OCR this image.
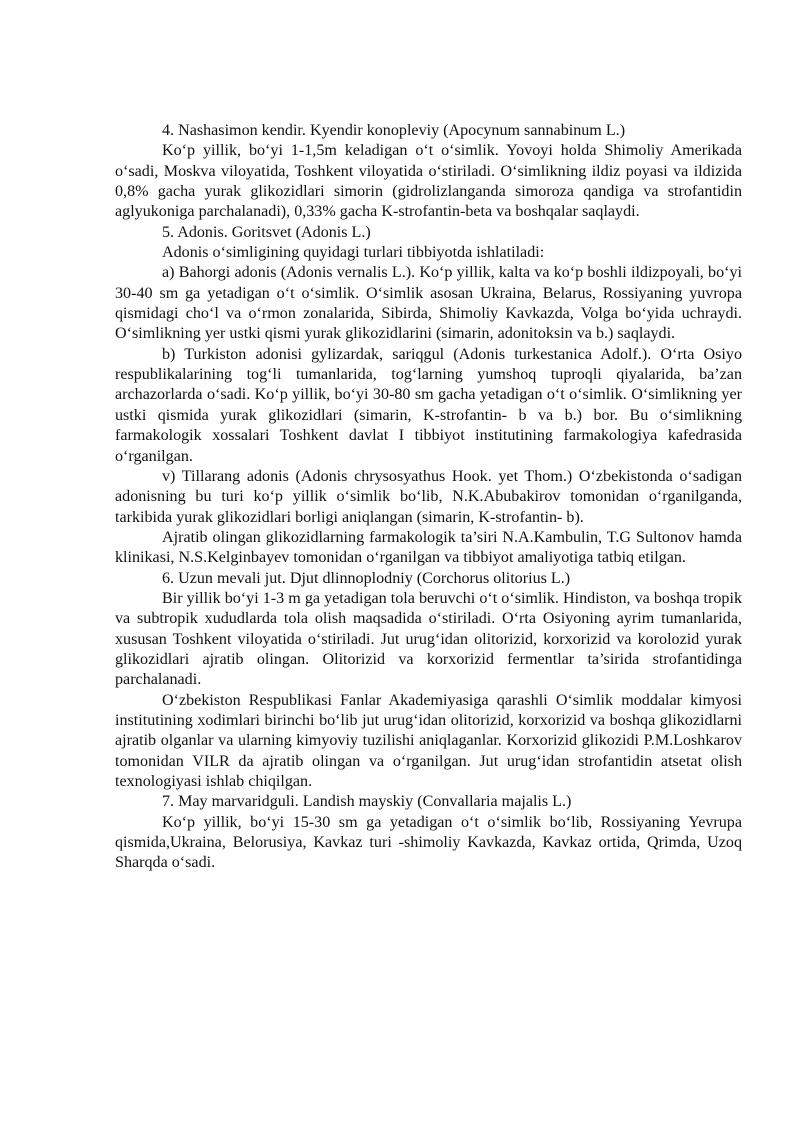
4. Nashasimon kendir. Kyendir konopleviy (Apocynum sannabinum L.)

Ko‘p yillik, bo‘yi 1-1,5m keladigan o‘t o‘simlik. Yovoyi holda Shimoliy Amerikada o‘sadi, Moskva viloyatida, Toshkent viloyatida o‘stiriladi. O‘simlikning ildiz poyasi va ildizida 0,8% gacha yurak glikozidlari simorin (gidrolizlanganda simoroza qandiga va strofantidin aglyukoniga parchalanadi), 0,33% gacha K-strofantin-beta va boshqalar saqlaydi.

5. Adonis. Goritsvet (Adonis L.)

Adonis o‘simligining quyidagi turlari tibbiyotda ishlatiladi:

a) Bahorgi adonis (Adonis vernalis L.). Ko‘p yillik, kalta va ko‘p boshli ildizpoyali, bo‘yi 30-40 sm ga yetadigan o‘t o‘simlik. O‘simlik asosan Ukraina, Belarus, Rossiyaning yuvropa qismidagi cho‘l va o‘rmon zonalarida, Sibirda, Shimoliy Kavkazda, Volga bo‘yida uchraydi. O‘simlikning yer ustki qismi yurak glikozidlarini (simarin, adonitoksin va b.) saqlaydi.

b) Turkiston adonisi gylizardak, sariqgul (Adonis turkestanica Adolf.). O‘rta Osiyo respublikalarining tog‘li tumanlarida, tog‘larning yumshoq tuproqli qiyalarida, ba’zan archazorlarda o‘sadi. Ko‘p yillik, bo‘yi 30-80 sm gacha yetadigan o‘t o‘simlik. O‘simlikning yer ustki qismida yurak glikozidlari (simarin, K-strofantin- b va b.) bor. Bu o‘simlikning farmakologik xossalari Toshkent davlat I tibbiyot institutining farmakologiya kafedrasida o‘rganilgan.

v) Tillarang adonis (Adonis chrysosyathus Hook. yet Thom.) O‘zbekistonda o‘sadigan adonisning bu turi ko‘p yillik o‘simlik bo‘lib, N.K.Abubakirov tomonidan o‘rganilganda, tarkibida yurak glikozidlari borligi aniqlangan (simarin, K-strofantin- b).

Ajratib olingan glikozidlarning farmakologik ta’siri N.A.Kambulin, T.G Sultonov hamda klinikasi, N.S.Kelginbayev tomonidan o‘rganilgan va tibbiyot amaliyotiga tatbiq etilgan.

6. Uzun mevali jut. Djut dlinnoplodniy (Corchorus olitorius L.)

Bir yillik bo‘yi 1-3 m ga yetadigan tola beruvchi o‘t o‘simlik. Hindiston, va boshqa tropik va subtropik xududlarda tola olish maqsadida o‘stiriladi. O‘rta Osiyoning ayrim tumanlarida, xususan Toshkent viloyatida o‘stiriladi. Jut urug‘idan olitorizid, korxorizid va korolozid yurak glikozidlari ajratib olingan. Olitorizid va korxorizid fermentlar ta’sirida strofantidinga parchalanadi.

O‘zbekiston Respublikasi Fanlar Akademiyasiga qarashli O‘simlik moddalar kimyosi institutining xodimlari birinchi bo‘lib jut urug‘idan olitorizid, korxorizid va boshqa glikozidlarni ajratib olganlar va ularning kimyoviy tuzilishi aniqlaganlar. Korxorizid glikozidi P.M.Loshkarov tomonidan VILR da ajratib olingan va o‘rganilgan. Jut urug‘idan strofantidin atsetat olish texnologiyasi ishlab chiqilgan.

7. May marvaridguli. Landish mayskiy (Convallaria majalis L.)

Ko‘p yillik, bo‘yi 15-30 sm ga yetadigan o‘t o‘simlik bo‘lib, Rossiyaning Yevrupa qismida,Ukraina, Belorusiya, Kavkaz turi -shimoliy Kavkazda, Kavkaz ortida, Qrimda, Uzoq Sharqda o‘sadi.
